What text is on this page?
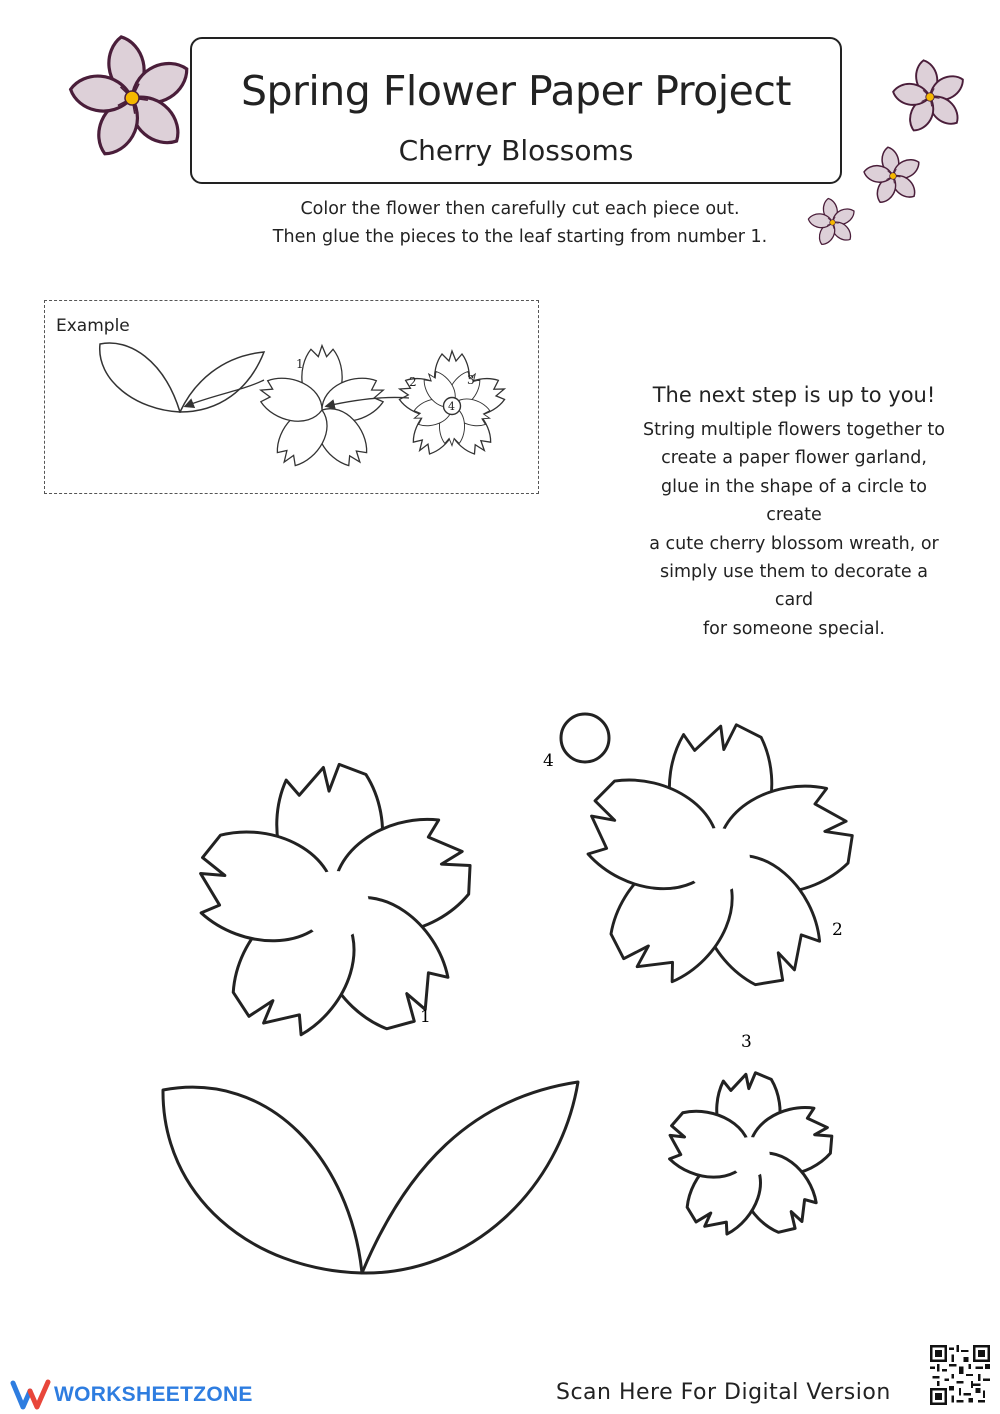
Spring Flower Paper Project
Cherry Blossoms
Color the flower then carefully cut each piece out.
Then glue the pieces to the leaf starting from number 1.
Example
1
2	3
4	The next step is up to you!
String multiple flowers together to
create a paper flower garland,
glue in the shape of a circle to
create
a cute cherry blossom wreath, or
simply use them to decorate a
card
for someone special.
1
2
3
4
WORKSHEET ZONE	Scan Here For Digital Version
